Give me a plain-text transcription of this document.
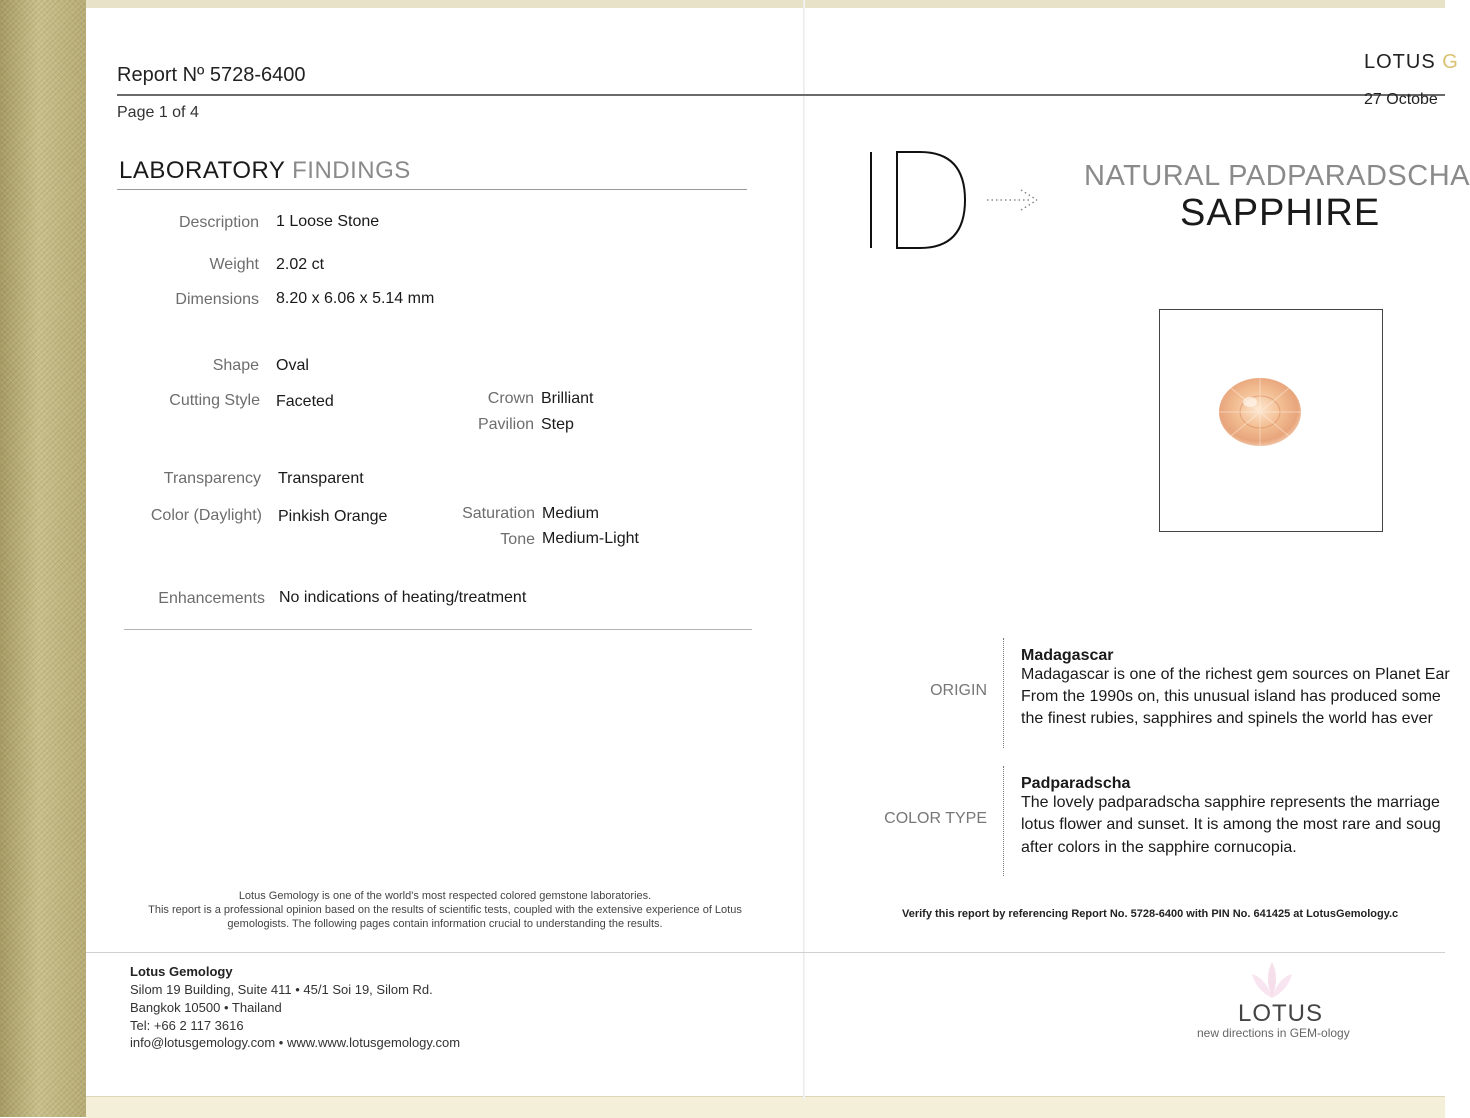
Report Nº 5728-6400
Page 1 of 4
LABORATORY FINDINGS
Description 1 Loose Stone
Weight 2.02 ct
Dimensions 8.20 x 6.06 x 5.14 mm
Shape Oval
Cutting Style Faceted	Crown Brilliant
Pavilion Step
Transparency Transparent
Color (Daylight) Pinkish Orange	Saturation Medium
Tone Medium-Light
Enhancements No indications of heating/treatment
Lotus Gemology is one of the world's most respected colored gemstone laboratories.
This report is a professional opinion based on the results of scientific tests, coupled with the extensive experience of Lotus
gemologists. The following pages contain information crucial to understanding the results.
Lotus Gemology
Silom 19 Building, Suite 411 • 45/1 Soi 19, Silom Rd.
Bangkok 10500 • Thailand
Tel: +66 2 117 3616
info@lotusgemology.com • www.www.lotusgemology.com
LOTUS G
27 Octobe
NATURAL PADPARADSCHA
SAPPHIRE
ORIGIN
Madagascar
Madagascar is one of the richest gem sources on Planet Ear
From the 1990s on, this unusual island has produced some
the finest rubies, sapphires and spinels the world has ever
COLOR TYPE
Padparadscha
The lovely padparadscha sapphire represents the marriage
lotus flower and sunset. It is among the most rare and soug
after colors in the sapphire cornucopia.
Verify this report by referencing Report No. 5728-6400 with PIN No. 641425 at LotusGemology.c
LOTUS
new directions in GEM-ology
